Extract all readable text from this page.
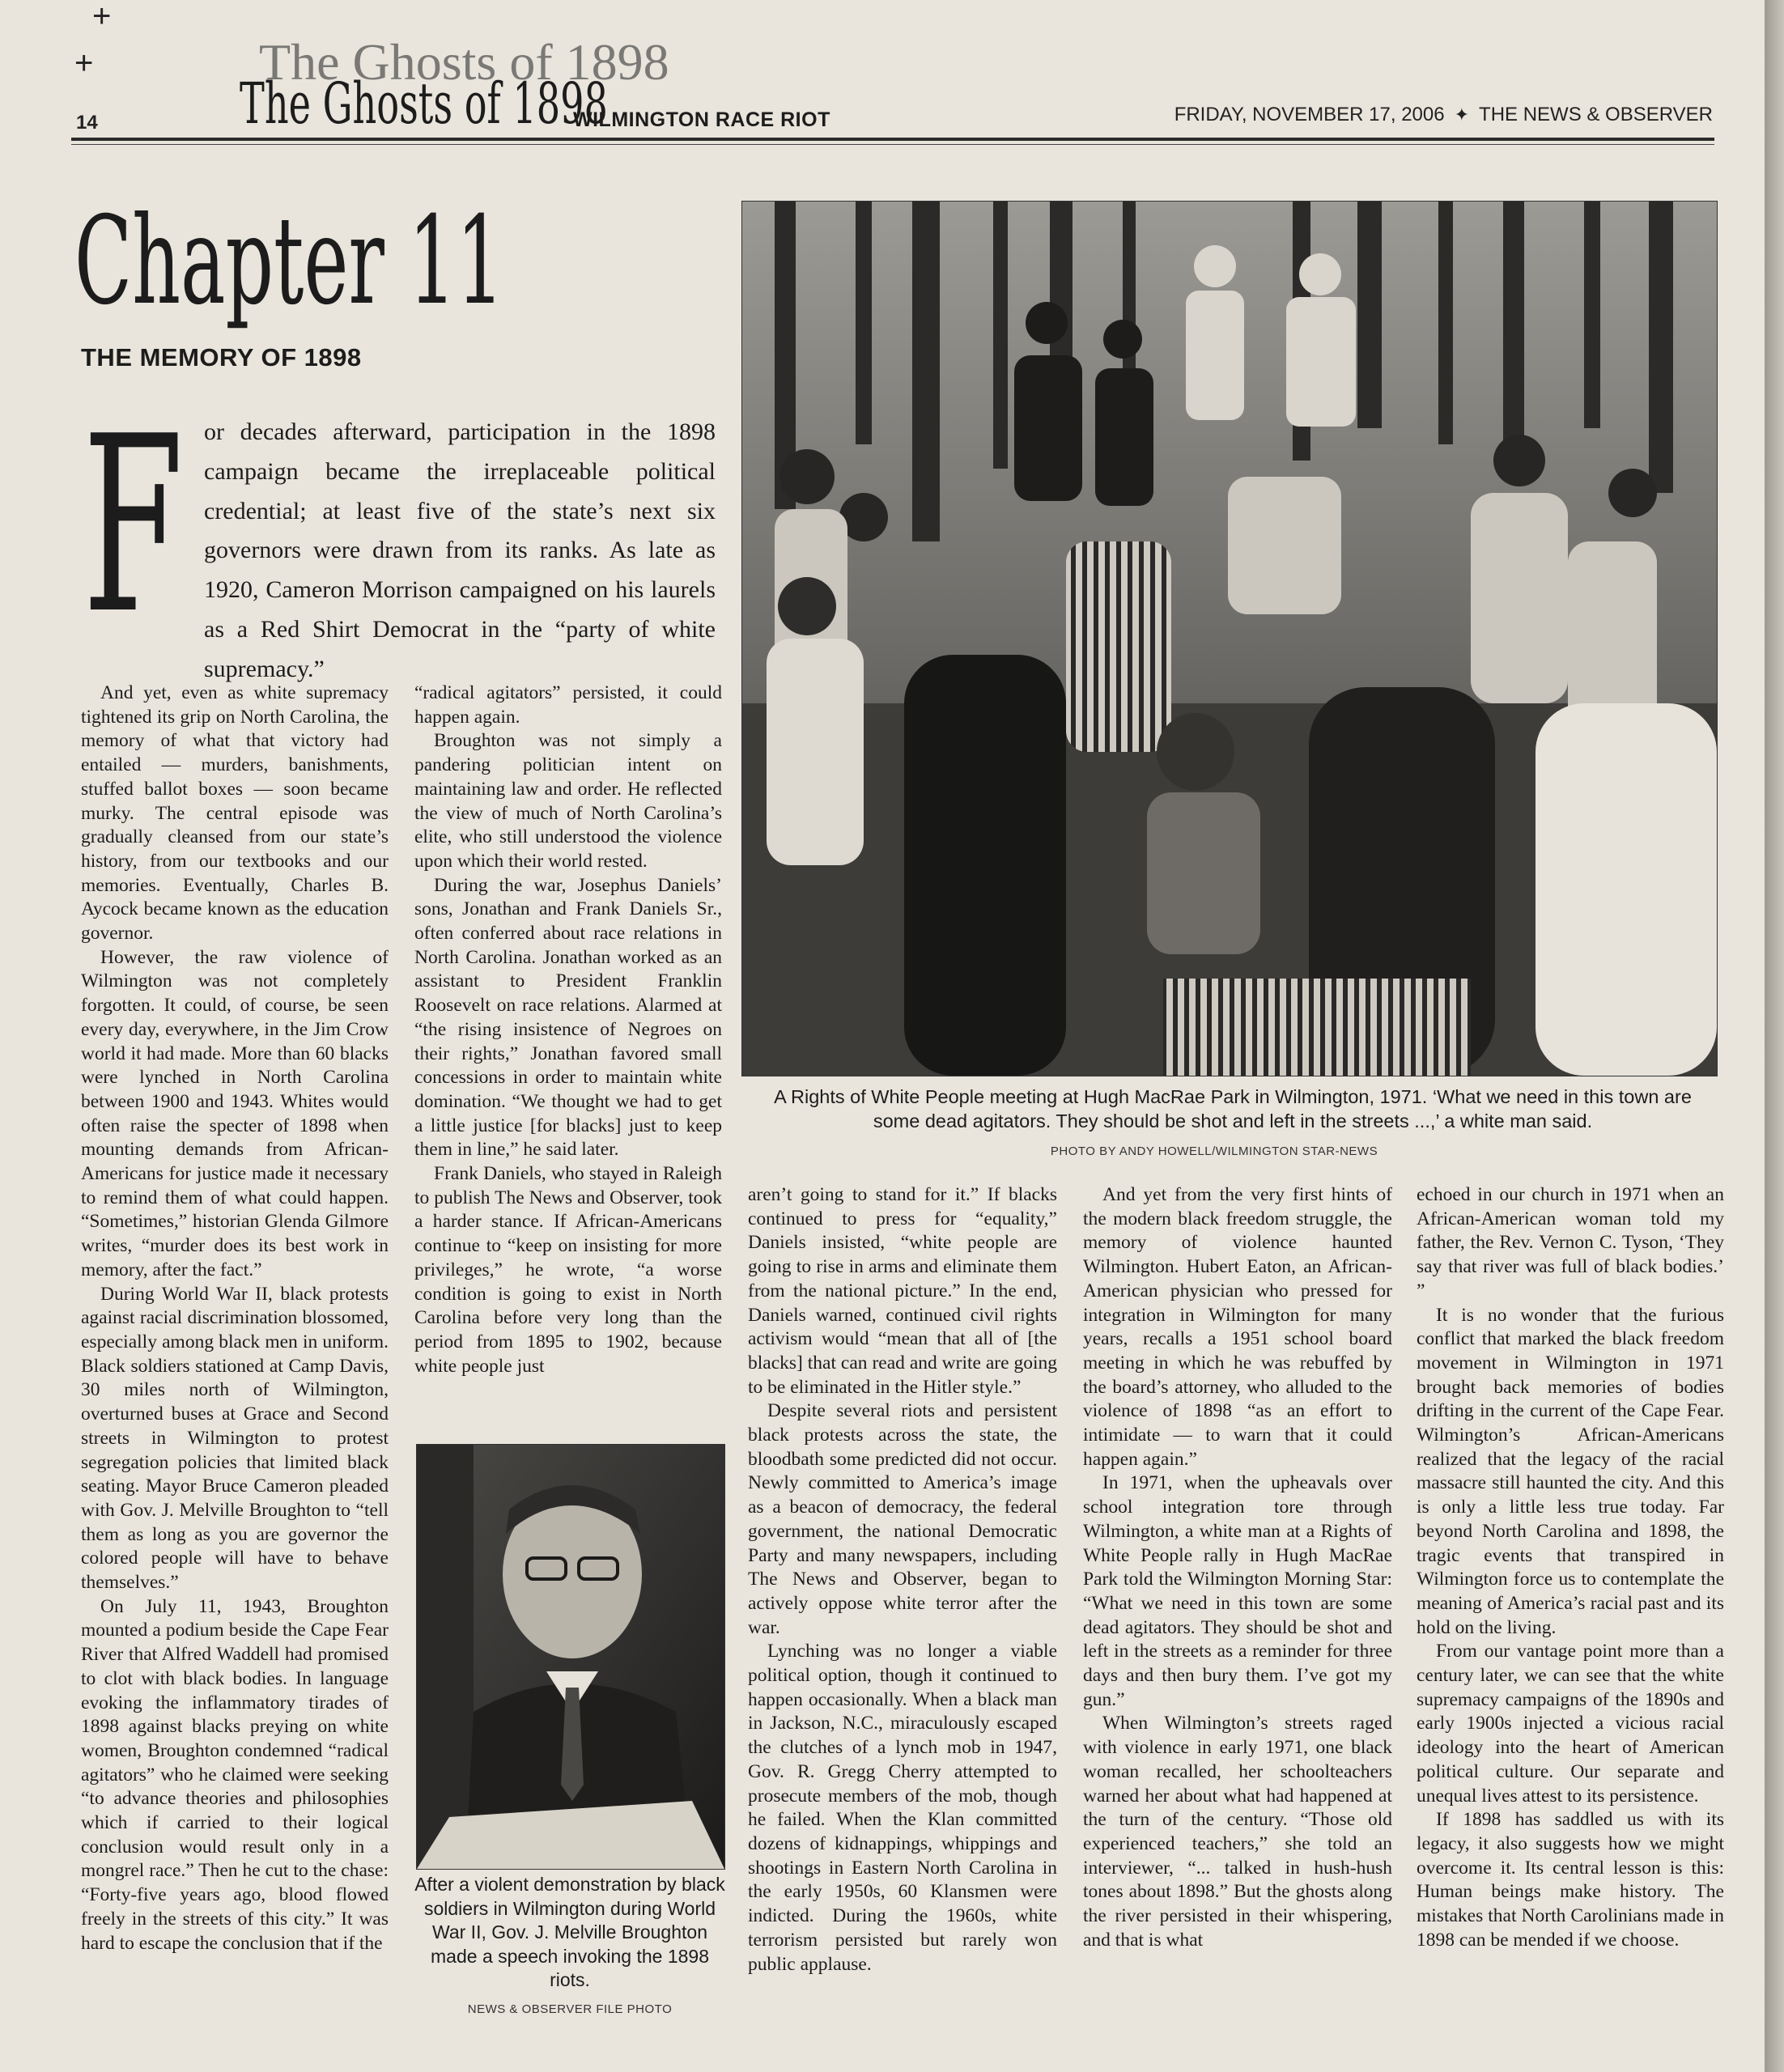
+
+	The Ghosts of 1898
14	The Ghosts of 1898
WILMINGTON RACE RIOT	FRIDAY, NOVEMBER 17, 2006 ✦ THE NEWS & OBSERVER
Chapter 11
THE MEMORY OF 1898
F or decades afterward, participation in the 1898 campaign became the irreplaceable political credential; at least five of the state’s next six governors were drawn from its ranks. As late as 1920, Cameron Morrison campaigned on his laurels as a Red Shirt Democrat in the “party of white supremacy.”

And yet, even as white supremacy tightened its grip on North Carolina, the memory of what that victory had entailed — murders, banishments, stuffed ballot boxes — soon became murky. The central episode was gradually cleansed from our state’s history, from our textbooks and our memories. Eventually, Charles B. Aycock became known as the education governor.

However, the raw violence of Wilmington was not completely forgotten. It could, of course, be seen every day, everywhere, in the Jim Crow world it had made. More than 60 blacks were lynched in North Carolina between 1900 and 1943. Whites would often raise the specter of 1898 when mounting demands from African-Americans for justice made it necessary to remind them of what could happen. “Sometimes,” historian Glenda Gilmore writes, “murder does its best work in memory, after the fact.”

During World War II, black protests against racial discrimination blossomed, especially among black men in uniform. Black soldiers stationed at Camp Davis, 30 miles north of Wilmington, overturned buses at Grace and Second streets in Wilmington to protest segregation policies that limited black seating. Mayor Bruce Cameron pleaded with Gov. J. Melville Broughton to “tell them as long as you are governor the colored people will have to behave themselves.”

On July 11, 1943, Broughton mounted a podium beside the Cape Fear River that Alfred Waddell had promised to clot with black bodies. In language evoking the inflammatory tirades of 1898 against blacks preying on white women, Broughton condemned “radical agitators” who he claimed were seeking “to advance theories and philosophies which if carried to their logical conclusion would result only in a mongrel race.” Then he cut to the chase: “Forty-five years ago, blood flowed freely in the streets of this city.” It was hard to escape the conclusion that if the

“radical agitators” persisted, it could happen again.

Broughton was not simply a pandering politician intent on maintaining law and order. He reflected the view of much of North Carolina’s elite, who still understood the violence upon which their world rested.

During the war, Josephus Daniels’ sons, Jonathan and Frank Daniels Sr., often conferred about race relations in North Carolina. Jonathan worked as an assistant to President Franklin Roosevelt on race relations. Alarmed at “the rising insistence of Negroes on their rights,” Jonathan favored small concessions in order to maintain white domination. “We thought we had to get a little justice [for blacks] just to keep them in line,” he said later.

Frank Daniels, who stayed in Raleigh to publish The News and Observer, took a harder stance. If African-Americans continue to “keep on insisting for more privileges,” he wrote, “a worse condition is going to exist in North Carolina before very long than the period from 1895 to 1902, because white people just

aren’t going to stand for it.” If blacks continued to press for “equality,” Daniels insisted, “white people are going to rise in arms and eliminate them from the national picture.” In the end, Daniels warned, continued civil rights activism would “mean that all of [the blacks] that can read and write are going to be eliminated in the Hitler style.”

Despite several riots and persistent black protests across the state, the bloodbath some predicted did not occur. Newly committed to America’s image as a beacon of democracy, the federal government, the national Democratic Party and many newspapers, including The News and Observer, began to actively oppose white terror after the war.

Lynching was no longer a viable political option, though it continued to happen occasionally. When a black man in Jackson, N.C., miraculously escaped the clutches of a lynch mob in 1947, Gov. R. Gregg Cherry attempted to prosecute members of the mob, though he failed. When the Klan committed dozens of kidnappings, whippings and shootings in Eastern North Carolina in the early 1950s, 60 Klansmen were indicted. During the 1960s, white terrorism persisted but rarely won public applause.

And yet from the very first hints of the modern black freedom struggle, the memory of violence haunted Wilmington. Hubert Eaton, an African-American physician who pressed for integration in Wilmington for many years, recalls a 1951 school board meeting in which he was rebuffed by the board’s attorney, who alluded to the violence of 1898 “as an effort to intimidate — to warn that it could happen again.”

In 1971, when the upheavals over school integration tore through Wilmington, a white man at a Rights of White People rally in Hugh MacRae Park told the Wilmington Morning Star: “What we need in this town are some dead agitators. They should be shot and left in the streets as a reminder for three days and then bury them. I’ve got my gun.”

When Wilmington’s streets raged with violence in early 1971, one black woman recalled, her schoolteachers warned her about what had happened at the turn of the century. “Those old experienced teachers,” she told an interviewer, “... talked in hush-hush tones about 1898.” But the ghosts along the river persisted in their whispering, and that is what

echoed in our church in 1971 when an African-American woman told my father, the Rev. Vernon C. Tyson, ‘They say that river was full of black bodies.’ ”

It is no wonder that the furious conflict that marked the black freedom movement in Wilmington in 1971 brought back memories of bodies drifting in the current of the Cape Fear. Wilmington’s African-Americans realized that the legacy of the racial massacre still haunted the city. And this is only a little less true today. Far beyond North Carolina and 1898, the tragic events that transpired in Wilmington force us to contemplate the meaning of America’s racial past and its hold on the living.

From our vantage point more than a century later, we can see that the white supremacy campaigns of the 1890s and early 1900s injected a vicious racial ideology into the heart of American political culture. Our separate and unequal lives attest to its persistence.

If 1898 has saddled us with its legacy, it also suggests how we might overcome it. Its central lesson is this: Human beings make history. The mistakes that North Carolinians made in 1898 can be mended if we choose.

A Rights of White People meeting at Hugh MacRae Park in Wilmington, 1971. ‘What we need in this town are some dead agitators. They should be shot and left in the streets ...,’ a white man said.
PHOTO BY ANDY HOWELL/WILMINGTON STAR-NEWS
After a violent demonstration by black soldiers in Wilmington during World War II, Gov. J. Melville Broughton made a speech invoking the 1898 riots.
NEWS & OBSERVER FILE PHOTO
